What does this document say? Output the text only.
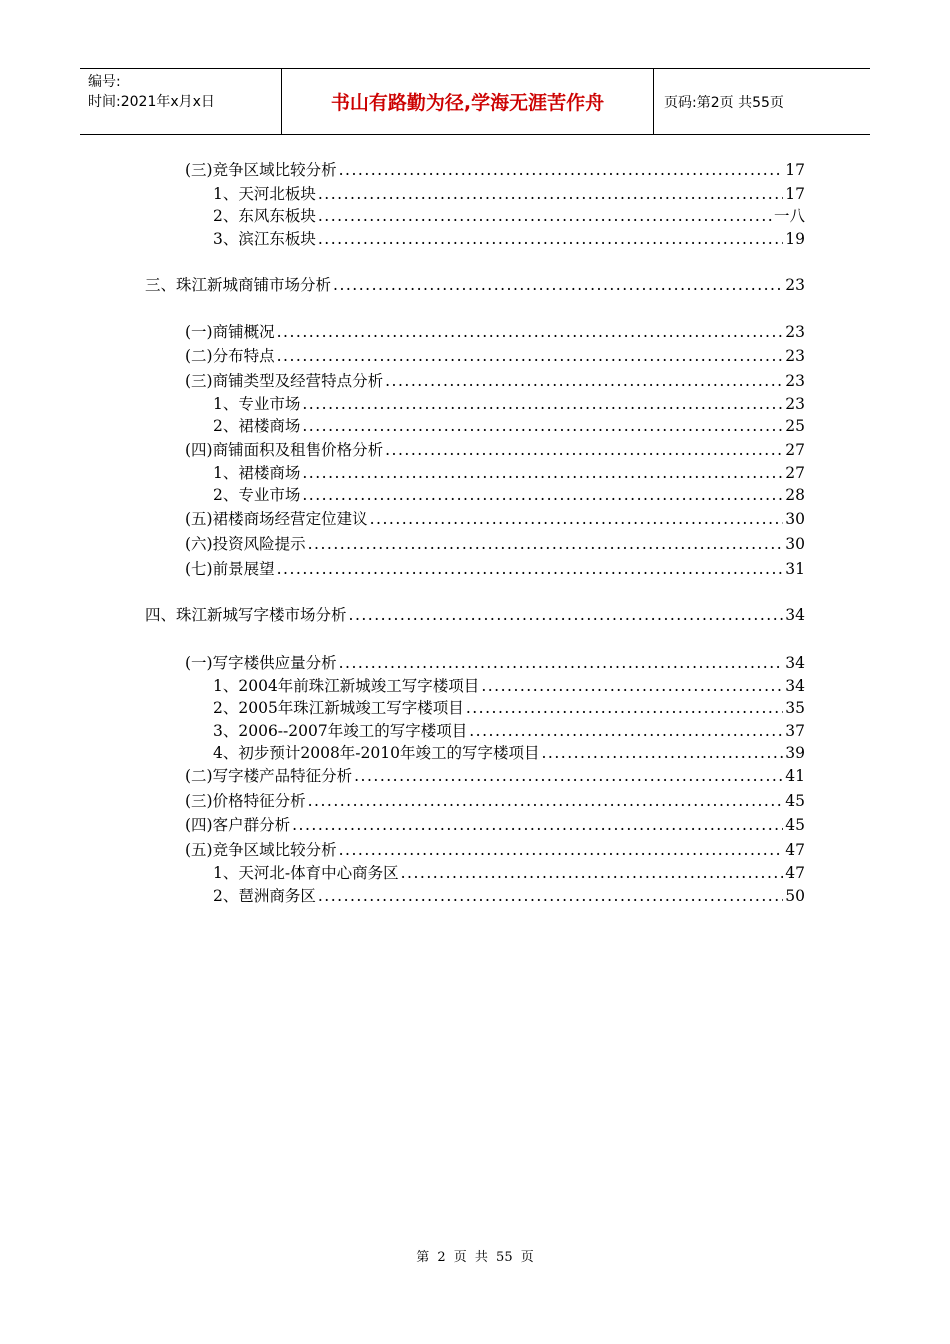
编号:
时间:2021年x月x日	书山有路勤为径,学海无涯苦作舟	页码:第2页 共55页
(三)竞争区域比较分析 .....	17
1、天河北板块 .....	17
2、东风东板块 .....	一八
3、滨江东板块 .....	19
三、珠江新城商铺市场分析 .....	23
(一)商铺概况 .....	23
(二)分布特点 .....	23
(三)商铺类型及经营特点分析 .....	23
1、专业市场 .....	23
2、裙楼商场 .....	25
(四)商铺面积及租售价格分析 .....	27
1、裙楼商场 .....	27
2、专业市场 .....	28
(五)裙楼商场经营定位建议 .....	30
(六)投资风险提示 .....	30
(七)前景展望 .....	31
四、珠江新城写字楼市场分析 .....	34
(一)写字楼供应量分析 .....	34
1、2004年前珠江新城竣工写字楼项目 .....	34
2、2005年珠江新城竣工写字楼项目 .....	35
3、2006--2007年竣工的写字楼项目 .....	37
4、初步预计2008年-2010年竣工的写字楼项目 .....	39
(二)写字楼产品特征分析 .....	41
(三)价格特征分析 .....	45
(四)客户群分析 .....	45
(五)竞争区域比较分析 .....	47
1、天河北-体育中心商务区 .....	47
2、琶洲商务区 .....	50
第 2 页 共 55 页
